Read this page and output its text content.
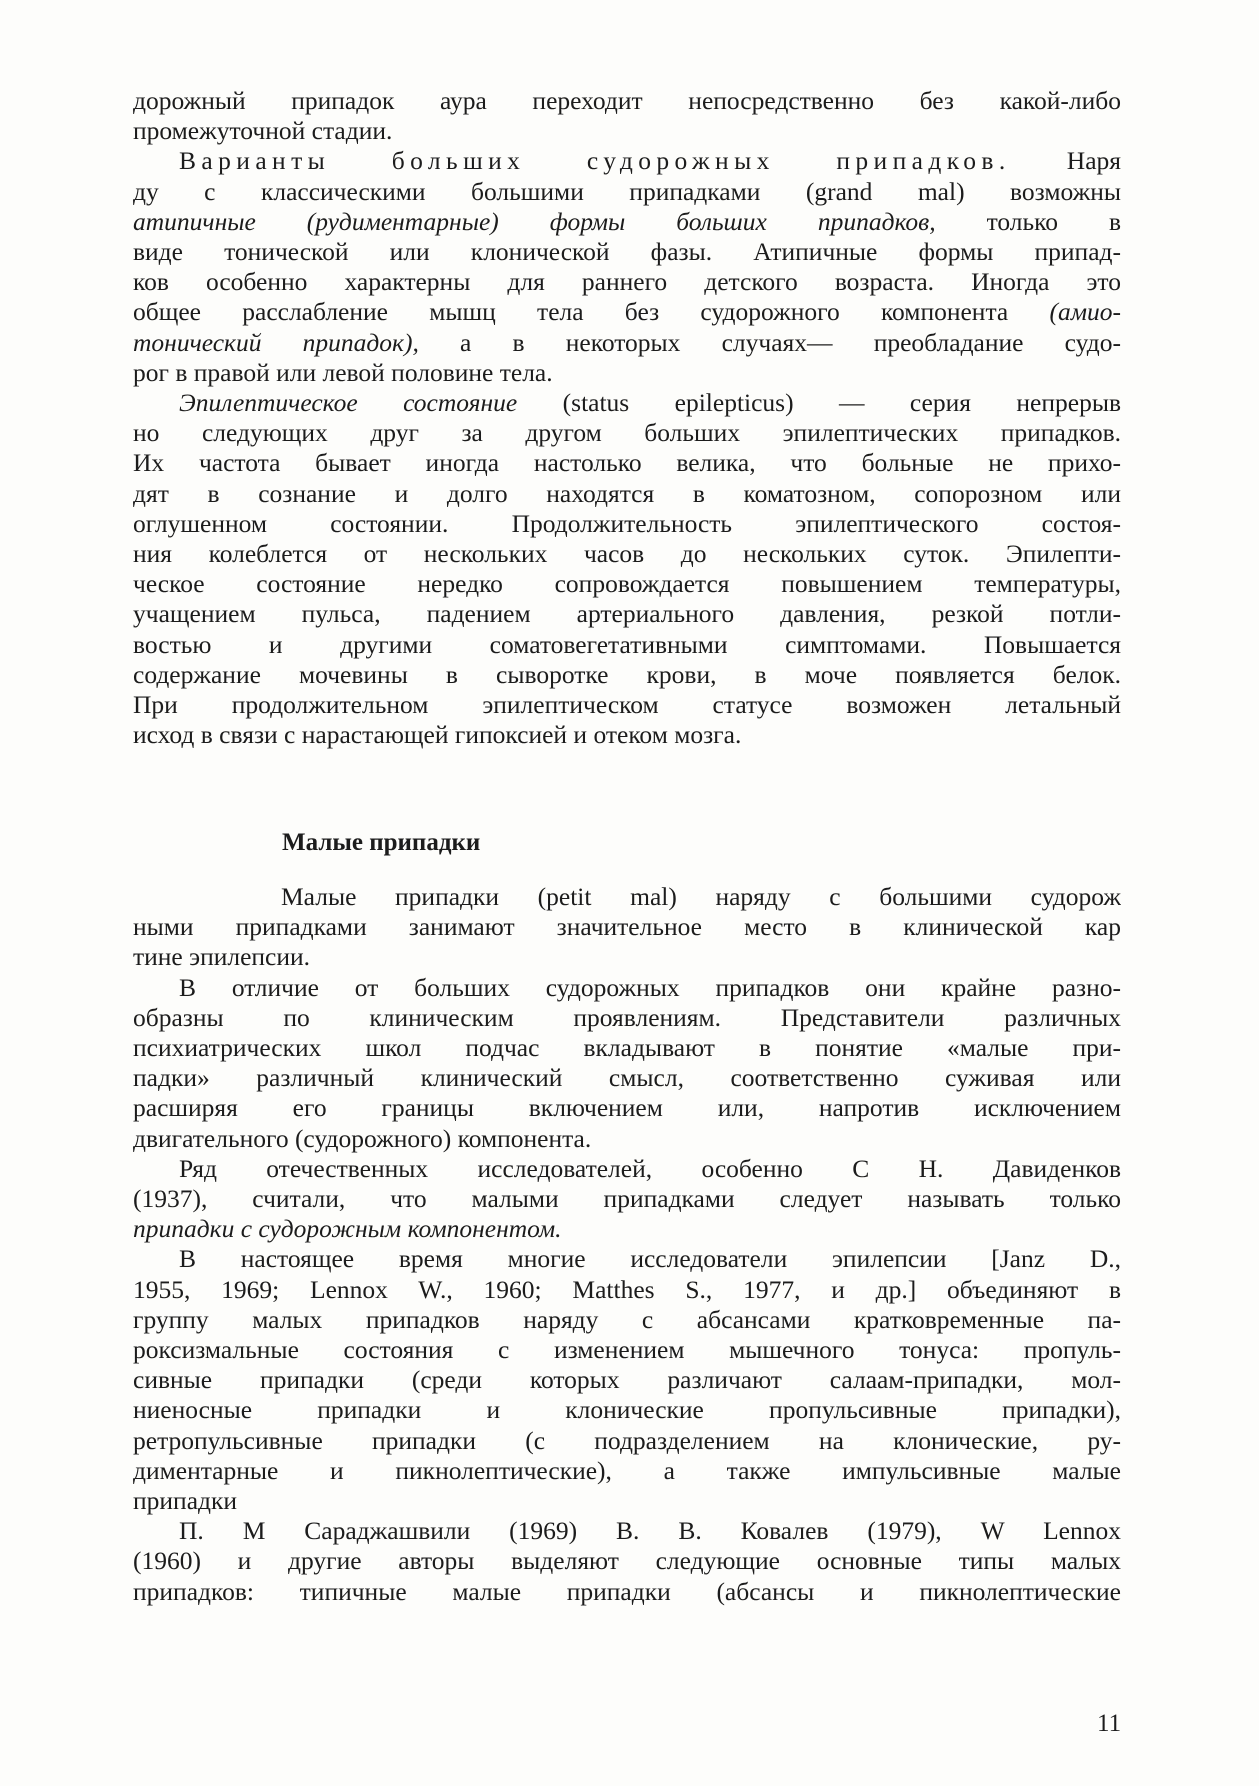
дорожный припадок аура переходит непосредственно без какой-либо
промежуточной стадии.
Варианты больших судорожных припадков. Наря
ду с классическими большими припадками (grand mal) возможны
атипичные (рудиментарные) формы больших припадков, только в
виде тонической или клонической фазы. Атипичные формы припад-
ков особенно характерны для раннего детского возраста. Иногда это
общее расслабление мышц тела без судорожного компонента (амио-
тонический припадок), а в некоторых случаях— преобладание судо-
рог в правой или левой половине тела.
Эпилептическое состояние (status epilepticus) — серия непрерыв
но следующих друг за другом больших эпилептических припадков.
Их частота бывает иногда настолько велика, что больные не прихо-
дят в сознание и долго находятся в коматозном, сопорозном или
оглушенном состоянии. Продолжительность эпилептического состоя-
ния колеблется от нескольких часов до нескольких суток. Эпилепти-
ческое состояние нередко сопровождается повышением температуры,
учащением пульса, падением артериального давления, резкой потли-
востью и другими соматовегетативными симптомами. Повышается
содержание мочевины в сыворотке крови, в моче появляется белок.
При продолжительном эпилептическом статусе возможен летальный
исход в связи с нарастающей гипоксией и отеком мозга.
Малые припадки
Малые припадки (petit mal) наряду с большими судорож
ными припадками занимают значительное место в клинической кар
тине эпилепсии.
В отличие от больших судорожных припадков они крайне разно-
образны по клиническим проявлениям. Представители различных
психиатрических школ подчас вкладывают в понятие «малые при-
падки» различный клинический смысл, соответственно суживая или
расширяя его границы включением или, напротив исключением
двигательного (судорожного) компонента.
Ряд отечественных исследователей, особенно С Н. Давиденков
(1937), считали, что малыми припадками следует называть только
припадки с судорожным компонентом.
В настоящее время многие исследователи эпилепсии [Janz D.,
1955, 1969; Lennox W., 1960; Matthes S., 1977, и др.] объединяют в
группу малых припадков наряду с абсансами кратковременные па-
роксизмальные состояния с изменением мышечного тонуса: пропуль-
сивные припадки (среди которых различают салаам-припадки, мол-
ниеносные припадки и клонические пропульсивные припадки),
ретропульсивные припадки (с подразделением на клонические, ру-
диментарные и пикнолептические), а также импульсивные малые
припадки
П. М Сараджашвили (1969) В. В. Ковалев (1979), W Lennox
(1960) и другие авторы выделяют следующие основные типы малых
припадков: типичные малые припадки (абсансы и пикнолептические
11
